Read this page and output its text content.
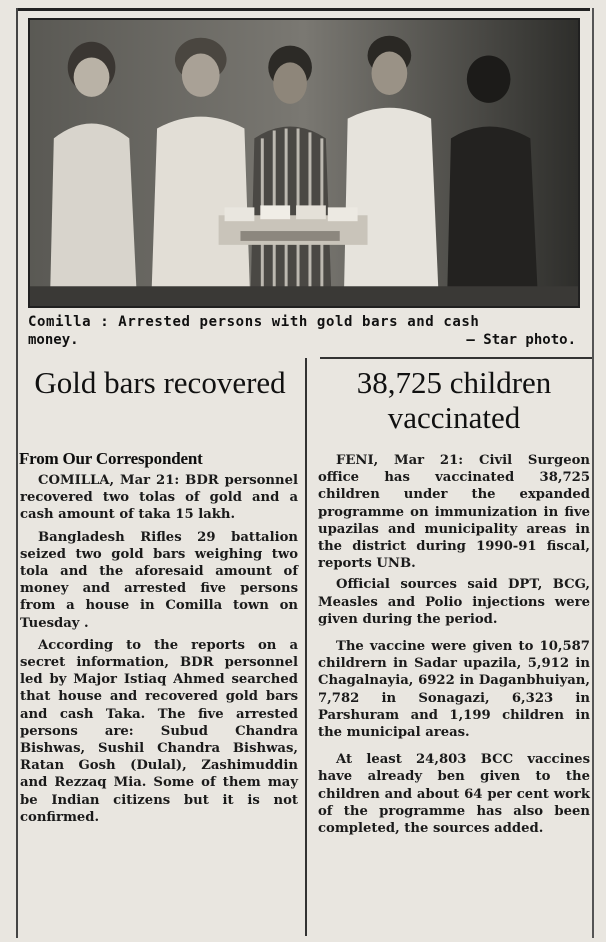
Comilla : Arrested persons with gold bars and cash
money.	— Star photo.
Gold bars recovered	38,725 children vaccinated
From Our Correspondent

COMILLA, Mar 21: BDR personnel recovered two tolas of gold and a cash amount of taka 15 lakh.

Bangladesh Rifles 29 battalion seized two gold bars weighing two tola and the aforesaid amount of money and arrested five persons from a house in Comilla town on Tuesday .

According to the reports on a secret information, BDR personnel led by Major Istiaq Ahmed searched that house and recovered gold bars and cash Taka. The five arrested persons are: Subud Chandra Bishwas, Sushil Chandra Bishwas, Ratan Gosh (Dulal), Zashimuddin and Rezzaq Mia. Some of them may be Indian citizens but it is not confirmed.

FENI, Mar 21: Civil Surgeon office has vaccinated 38,725 children under the expanded programme on immunization in five upazilas and municipality areas in the district during 1990-91 fiscal, reports UNB.

Official sources said DPT, BCG, Measles and Polio injections were given during the period.

The vaccine were given to 10,587 childrern in Sadar upazila, 5,912 in Chagalnayia, 6922 in Daganbhuiyan, 7,782 in Sonagazi, 6,323 in Parshuram and 1,199 children in the municipal areas.

At least 24,803 BCC vaccines have already ben given to the children and about 64 per cent work of the programme has also been completed, the sources added.
